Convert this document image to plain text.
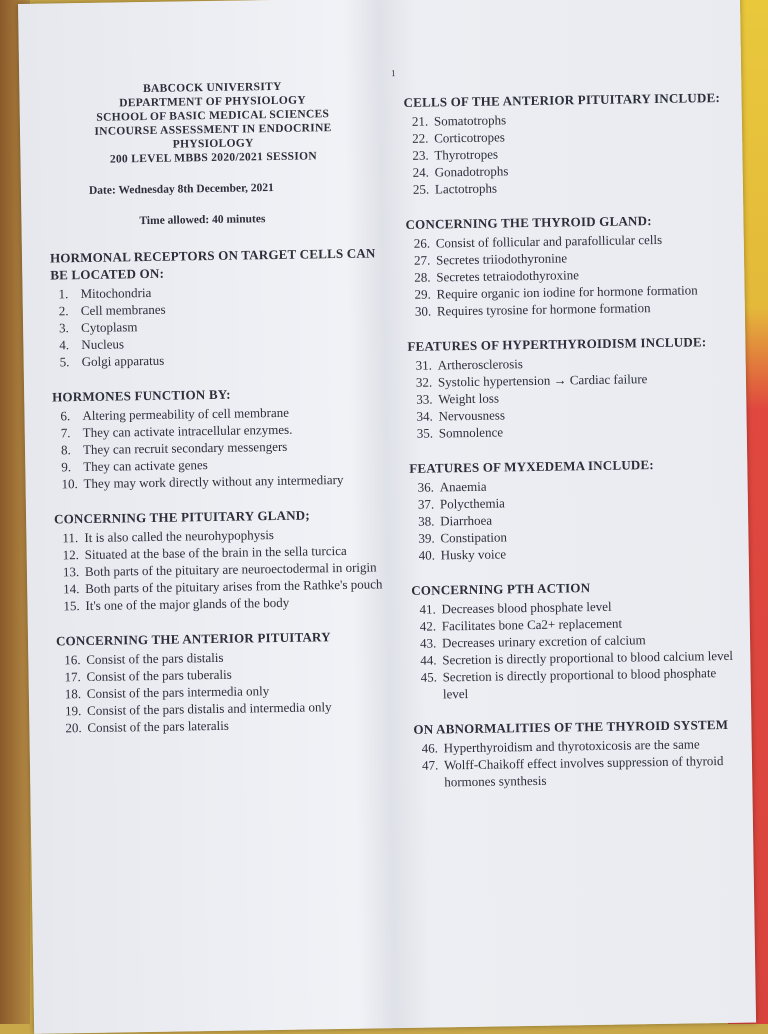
1
BABCOCK UNIVERSITY
DEPARTMENT OF PHYSIOLOGY
SCHOOL OF BASIC MEDICAL SCIENCES
INCOURSE ASSESSMENT IN ENDOCRINE
PHYSIOLOGY
200 LEVEL MBBS 2020/2021 SESSION
Date: Wednesday 8th December, 2021
Time allowed: 40 minutes
HORMONAL RECEPTORS ON TARGET CELLS CAN BE LOCATED ON:
1. Mitochondria
2. Cell membranes
3. Cytoplasm
4. Nucleus
5. Golgi apparatus
HORMONES FUNCTION BY:
6. Altering permeability of cell membrane
7. They can activate intracellular enzymes.
8. They can recruit secondary messengers
9. They can activate genes
10. They may work directly without any intermediary
CONCERNING THE PITUITARY GLAND;
11. It is also called the neurohypophysis
12. Situated at the base of the brain in the sella turcica
13. Both parts of the pituitary are neuroectodermal in origin
14. Both parts of the pituitary arises from the Rathke's pouch
15. It's one of the major glands of the body
CONCERNING THE ANTERIOR PITUITARY
16. Consist of the pars distalis
17. Consist of the pars tuberalis
18. Consist of the pars intermedia only
19. Consist of the pars distalis and intermedia only
20. Consist of the pars lateralis
CELLS OF THE ANTERIOR PITUITARY INCLUDE:
21. Somatotrophs
22. Corticotropes
23. Thyrotropes
24. Gonadotrophs
25. Lactotrophs
CONCERNING THE THYROID GLAND:
26. Consist of follicular and parafollicular cells
27. Secretes triiodothyronine
28. Secretes tetraiodothyroxine
29. Require organic ion iodine for hormone formation
30. Requires tyrosine for hormone formation
FEATURES OF HYPERTHYROIDISM INCLUDE:
31. Artherosclerosis
32. Systolic hypertension → Cardiac failure
33. Weight loss
34. Nervousness
35. Somnolence
FEATURES OF MYXEDEMA INCLUDE:
36. Anaemia
37. Polycthemia
38. Diarrhoea
39. Constipation
40. Husky voice
CONCERNING PTH ACTION
41. Decreases blood phosphate level
42. Facilitates bone Ca2+ replacement
43. Decreases urinary excretion of calcium
44. Secretion is directly proportional to blood calcium level
45. Secretion is directly proportional to blood phosphate level
ON ABNORMALITIES OF THE THYROID SYSTEM
46. Hyperthyroidism and thyrotoxicosis are the same
47. Wolff-Chaikoff effect involves suppression of thyroid hormones synthesis
